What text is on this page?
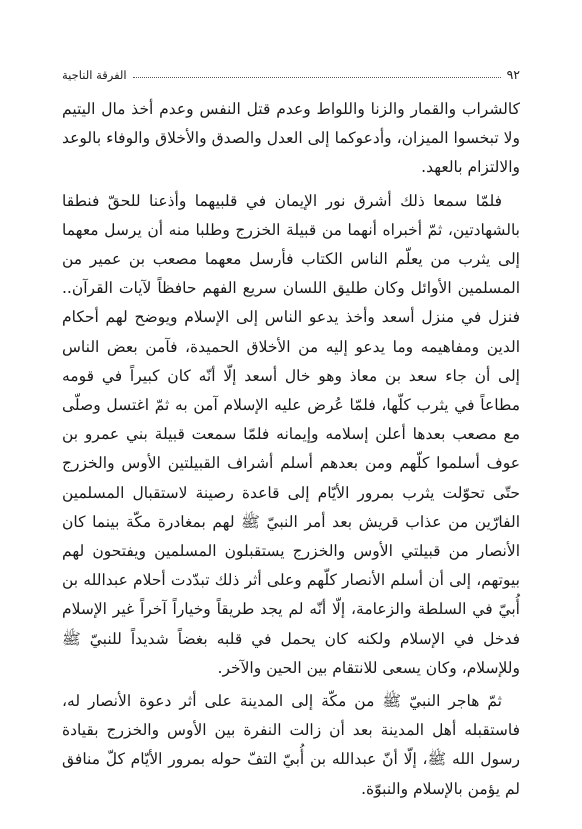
٩٢
الفرقة الناجية

كالشراب والقمار والزنا واللواط وعدم قتل النفس وعدم أخذ مال اليتيم ولا تبخسوا الميزان، وأدعوكما إلى العدل والصدق والأخلاق والوفاء بالوعد والالتزام بالعهد.

فلمّا سمعا ذلك أشرق نور الإيمان في قلبيهما وأذعنا للحقّ فنطقا بالشهادتين، ثمّ أخبراه أنهما من قبيلة الخزرج وطلبا منه أن يرسل معهما إلى يثرب من يعلّم الناس الكتاب فأرسل معهما مصعب بن عمير من المسلمين الأوائل وكان طليق اللسان سريع الفهم حافظاً لآيات القرآن.. فنزل في منزل أسعد وأخذ يدعو الناس إلى الإسلام ويوضح لهم أحكام الدين ومفاهيمه وما يدعو إليه من الأخلاق الحميدة، فآمن بعض الناس إلى أن جاء سعد بن معاذ وهو خال أسعد إلّا أنّه كان كبيراً في قومه مطاعاً في يثرب كلّها، فلمّا عُرض عليه الإسلام آمن به ثمّ اغتسل وصلّى مع مصعب بعدها أعلن إسلامه وإيمانه فلمّا سمعت قبيلة بني عمرو بن عوف أسلموا كلّهم ومن بعدهم أسلم أشراف القبيلتين الأوس والخزرج حتّى تحوّلت يثرب بمرور الأيّام إلى قاعدة رصينة لاستقبال المسلمين الفارّين من عذاب قريش بعد أمر النبيّ ﷺ لهم بمغادرة مكّة بينما كان الأنصار من قبيلتي الأوس والخزرج يستقبلون المسلمين ويفتحون لهم بيوتهم، إلى أن أسلم الأنصار كلّهم وعلى أثر ذلك تبدّدت أحلام عبدالله بن أُبيّ في السلطة والزعامة، إلّا أنّه لم يجد طريقاً وخياراً آخراً غير الإسلام فدخل في الإسلام ولكنه كان يحمل في قلبه بغضاً شديداً للنبيّ ﷺ وللإسلام، وكان يسعى للانتقام بين الحين والآخر.

ثمّ هاجر النبيّ ﷺ من مكّة إلى المدينة على أثر دعوة الأنصار له، فاستقبله أهل المدينة بعد أن زالت النفرة بين الأوس والخزرج بقيادة رسول الله ﷺ، إلّا أنّ عبدالله بن أُبيّ التفّ حوله بمرور الأيّام كلّ منافق لم يؤمن بالإسلام والنبوّة.
